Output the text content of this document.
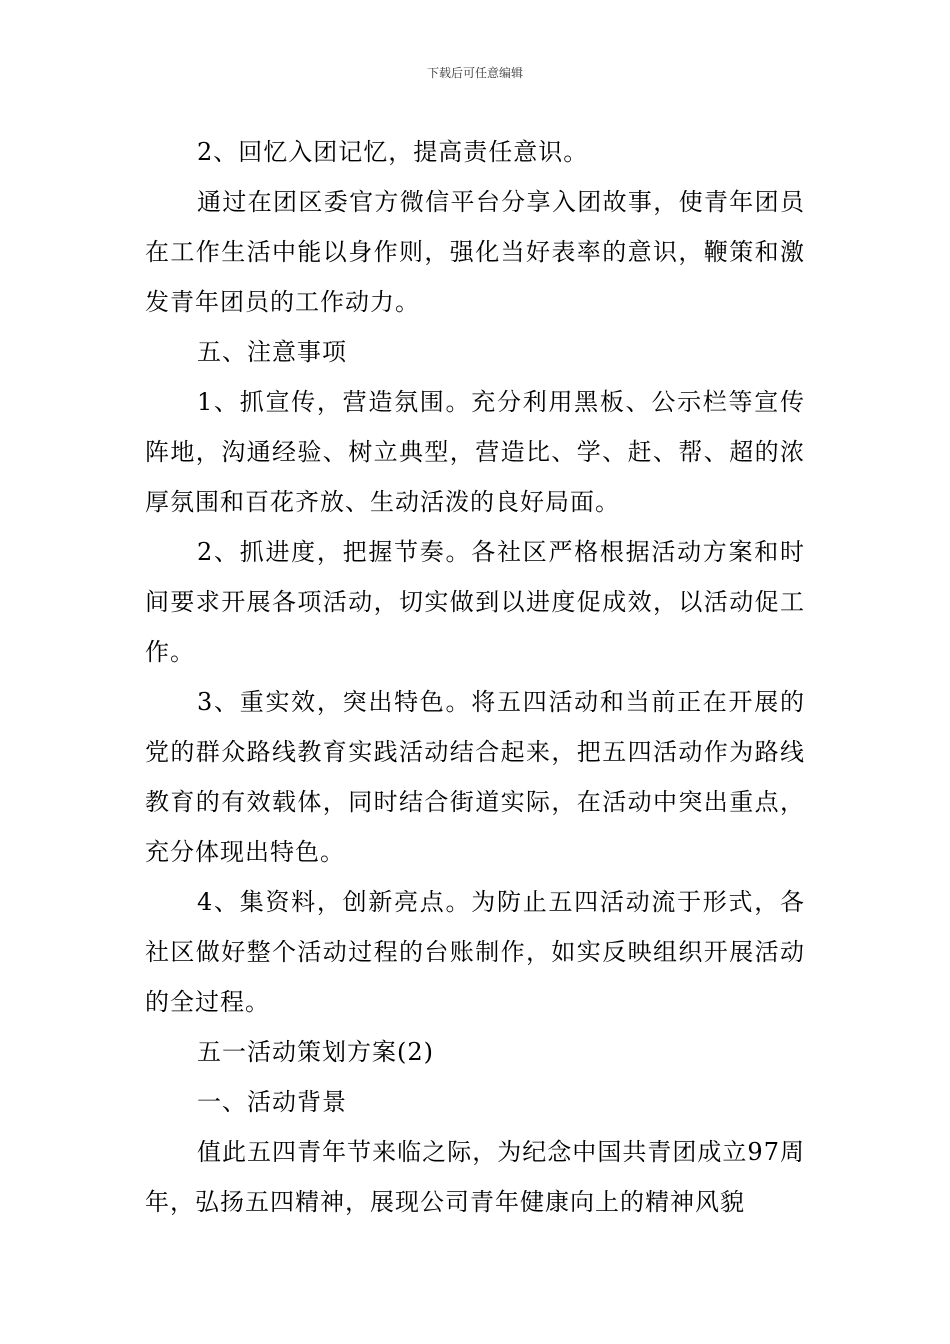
下载后可任意编辑

2、回忆入团记忆，提高责任意识。

通过在团区委官方微信平台分享入团故事，使青年团员在工作生活中能以身作则，强化当好表率的意识，鞭策和激发青年团员的工作动力。

五、注意事项

1、抓宣传，营造氛围。充分利用黑板、公示栏等宣传阵地，沟通经验、树立典型，营造比、学、赶、帮、超的浓厚氛围和百花齐放、生动活泼的良好局面。

2、抓进度，把握节奏。各社区严格根据活动方案和时间要求开展各项活动，切实做到以进度促成效，以活动促工作。

3、重实效，突出特色。将五四活动和当前正在开展的党的群众路线教育实践活动结合起来，把五四活动作为路线教育的有效载体，同时结合街道实际，在活动中突出重点，充分体现出特色。

4、集资料，创新亮点。为防止五四活动流于形式，各社区做好整个活动过程的台账制作，如实反映组织开展活动的全过程。

五一活动策划方案(2)

一、活动背景

值此五四青年节来临之际，为纪念中国共青团成立97周年，弘扬五四精神，展现公司青年健康向上的精神风貌
